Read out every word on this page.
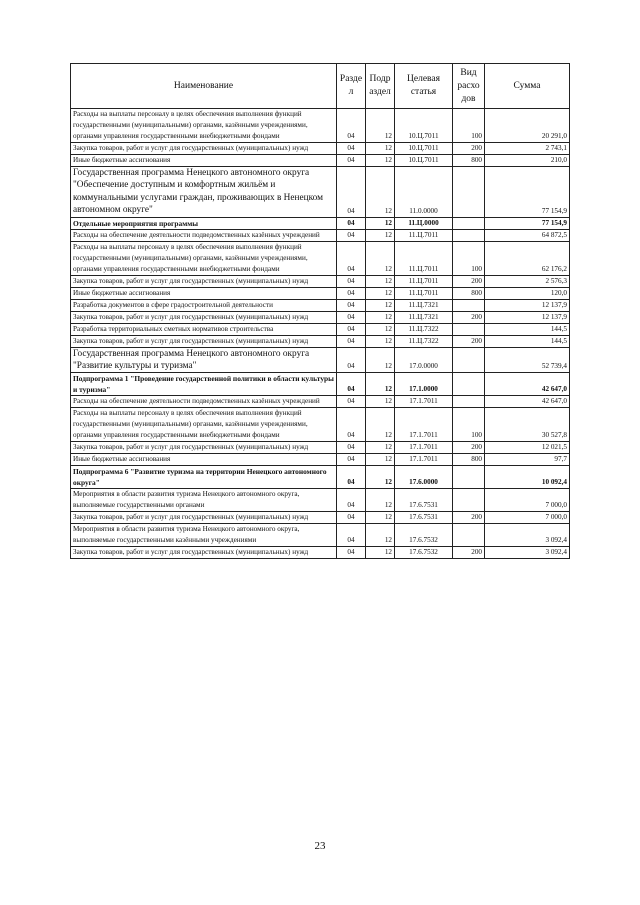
Наименование	Разде л	Подр аздел	Целевая статья	Вид расхо дов	Сумма
Расходы на выплаты персоналу в целях обеспечения выполнения функций государственными (муниципальными) органами, казёнными учреждениями, органами управления государственными внебюджетными фондами	04	12	10.Ц.7011	100	20 291,0
Закупка товаров, работ и услуг для государственных (муниципальных) нужд	04	12	10.Ц.7011	200	2 743,1
Иные бюджетные ассигнования	04	12	10.Ц.7011	800	210,0
Государственная программа Ненецкого автономного округа "Обеспечение доступным и комфортным жильём и коммунальными услугами граждан, проживающих в Ненецком автономном округе"	04	12	11.0.0000		77 154,9
Отдельные мероприятия программы	04	12	11.Ц.0000		77 154,9
Расходы на обеспечение деятельности подведомственных казённых учреждений	04	12	11.Ц.7011		64 872,5
Расходы на выплаты персоналу в целях обеспечения выполнения функций государственными (муниципальными) органами, казёнными учреждениями, органами управления государственными внебюджетными фондами	04	12	11.Ц.7011	100	62 176,2
Закупка товаров, работ и услуг для государственных (муниципальных) нужд	04	12	11.Ц.7011	200	2 576,3
Иные бюджетные ассигнования	04	12	11.Ц.7011	800	120,0
Разработка документов в сфере градостроительной деятельности	04	12	11.Ц.7321		12 137,9
Закупка товаров, работ и услуг для государственных (муниципальных) нужд	04	12	11.Ц.7321	200	12 137,9
Разработка территориальных сметных нормативов строительства	04	12	11.Ц.7322		144,5
Закупка товаров, работ и услуг для государственных (муниципальных) нужд	04	12	11.Ц.7322	200	144,5
Государственная программа Ненецкого автономного округа "Развитие культуры и туризма"	04	12	17.0.0000		52 739,4
Подпрограмма 1 "Проведение государственной политики в области культуры и туризма"	04	12	17.1.0000		42 647,0
Расходы на обеспечение деятельности подведомственных казённых учреждений	04	12	17.1.7011		42 647,0
Расходы на выплаты персоналу в целях обеспечения выполнения функций государственными (муниципальными) органами, казёнными учреждениями, органами управления государственными внебюджетными фондами	04	12	17.1.7011	100	30 527,8
Закупка товаров, работ и услуг для государственных (муниципальных) нужд	04	12	17.1.7011	200	12 021,5
Иные бюджетные ассигнования	04	12	17.1.7011	800	97,7
Подпрограмма 6 "Развитие туризма на территории Ненецкого автономного округа"	04	12	17.6.0000		10 092,4
Мероприятия в области развития туризма Ненецкого автономного округа, выполняемые государственными органами	04	12	17.6.7531		7 000,0
Закупка товаров, работ и услуг для государственных (муниципальных) нужд	04	12	17.6.7531	200	7 000,0
Мероприятия в области развития туризма Ненецкого автономного округа, выполняемые государственными казёнными учреждениями	04	12	17.6.7532		3 092,4
Закупка товаров, работ и услуг для государственных (муниципальных) нужд	04	12	17.6.7532	200	3 092,4
23
